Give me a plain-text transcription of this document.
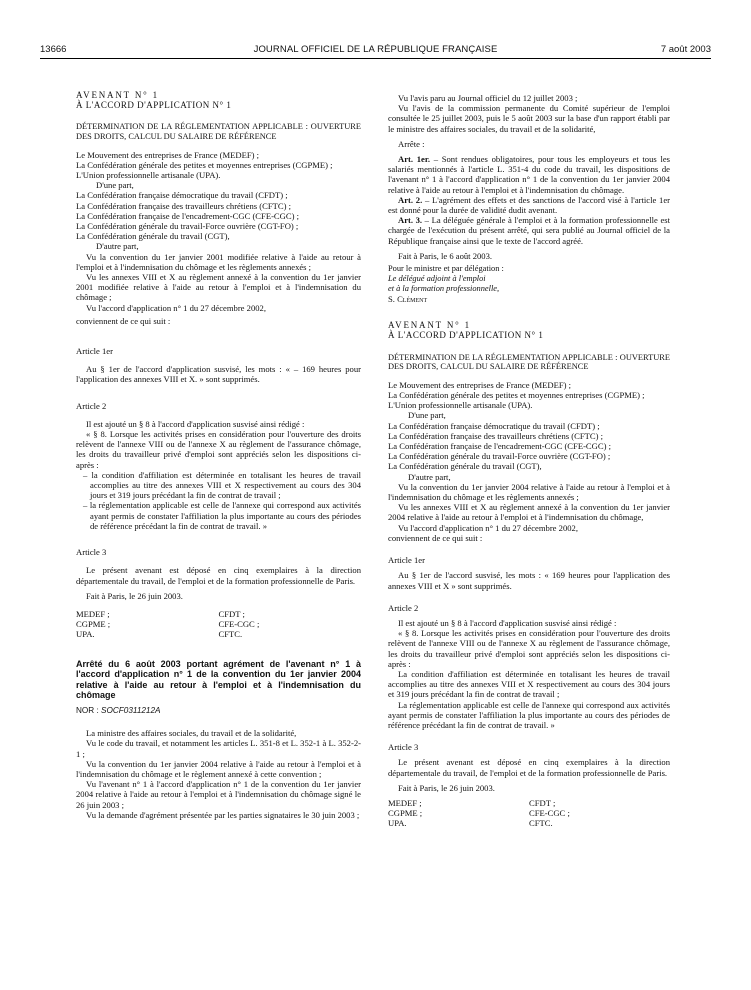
13666	JOURNAL OFFICIEL DE LA RÉPUBLIQUE FRANÇAISE	7 août 2003

AVENANT N° 1

À L'ACCORD D'APPLICATION N° 1

DÉTERMINATION DE LA RÉGLEMENTATION APPLICABLE : OUVERTURE DES DROITS, CALCUL DU SALAIRE DE RÉFÉRENCE

Le Mouvement des entreprises de France (MEDEF) ;

La Confédération générale des petites et moyennes entreprises (CGPME) ;

L'Union professionnelle artisanale (UPA).

D'une part,

La Confédération française démocratique du travail (CFDT) ;

La Confédération française des travailleurs chrétiens (CFTC) ;

La Confédération française de l'encadrement-CGC (CFE-CGC) ;

La Confédération générale du travail-Force ouvrière (CGT-FO) ;

La Confédération générale du travail (CGT),

D'autre part,

Vu la convention du 1er janvier 2001 modifiée relative à l'aide au retour à l'emploi et à l'indemnisation du chômage et les règlements annexés ;

Vu les annexes VIII et X au règlement annexé à la convention du 1er janvier 2001 modifiée relative à l'aide au retour à l'emploi et à l'indemnisation du chômage ;

Vu l'accord d'application n° 1 du 27 décembre 2002,

conviennent de ce qui suit :

Article 1er

Au § 1er de l'accord d'application susvisé, les mots : « – 169 heures pour l'application des annexes VIII et X. » sont supprimés.

Article 2

Il est ajouté un § 8 à l'accord d'application susvisé ainsi rédigé :

« § 8. Lorsque les activités prises en considération pour l'ouverture des droits relèvent de l'annexe VIII ou de l'annexe X au règlement de l'assurance chômage, les droits du travailleur privé d'emploi sont appréciés selon les dispositions ci-après :

– la condition d'affiliation est déterminée en totalisant les heures de travail accomplies au titre des annexes VIII et X respectivement au cours des 304 jours et 319 jours précédant la fin de contrat de travail ;

– la réglementation applicable est celle de l'annexe qui correspond aux activités ayant permis de constater l'affiliation la plus importante au cours des périodes de référence précédant la fin de contrat de travail. »

Article 3

Le présent avenant est déposé en cinq exemplaires à la direction départementale du travail, de l'emploi et de la formation professionnelle de Paris.

Fait à Paris, le 26 juin 2003.

MEDEF ;	CFDT ;
CGPME ;	CFE-CGC ;
UPA.	CFTC.

Arrêté du 6 août 2003 portant agrément de l'avenant n° 1 à l'accord d'application n° 1 de la convention du 1er janvier 2004 relative à l'aide au retour à l'emploi et à l'indemnisation du chômage

NOR : SOCF0311212A

La ministre des affaires sociales, du travail et de la solidarité,

Vu le code du travail, et notamment les articles L. 351-8 et L. 352-1 à L. 352-2-1 ;

Vu la convention du 1er janvier 2004 relative à l'aide au retour à l'emploi et à l'indemnisation du chômage et le règlement annexé à cette convention ;

Vu l'avenant n° 1 à l'accord d'application n° 1 de la convention du 1er janvier 2004 relative à l'aide au retour à l'emploi et à l'indemnisation du chômage signé le 26 juin 2003 ;

Vu la demande d'agrément présentée par les parties signataires le 30 juin 2003 ;

Vu l'avis paru au Journal officiel du 12 juillet 2003 ;

Vu l'avis de la commission permanente du Comité supérieur de l'emploi consultée le 25 juillet 2003, puis le 5 août 2003 sur la base d'un rapport établi par le ministre des affaires sociales, du travail et de la solidarité,

Arrête :

Art. 1er. – Sont rendues obligatoires, pour tous les employeurs et tous les salariés mentionnés à l'article L. 351-4 du code du travail, les dispositions de l'avenant n° 1 à l'accord d'application n° 1 de la convention du 1er janvier 2004 relative à l'aide au retour à l'emploi et à l'indemnisation du chômage.

Art. 2. – L'agrément des effets et des sanctions de l'accord visé à l'article 1er est donné pour la durée de validité dudit avenant.

Art. 3. – La déléguée générale à l'emploi et à la formation professionnelle est chargée de l'exécution du présent arrêté, qui sera publié au Journal officiel de la République française ainsi que le texte de l'accord agréé.

Fait à Paris, le 6 août 2003.

Pour le ministre et par délégation :

Le délégué adjoint à l'emploi

et à la formation professionnelle,

S. Clément

AVENANT N° 1

À L'ACCORD D'APPLICATION N° 1

DÉTERMINATION DE LA RÉGLEMENTATION APPLICABLE : OUVERTURE DES DROITS, CALCUL DU SALAIRE DE RÉFÉRENCE

Le Mouvement des entreprises de France (MEDEF) ;

La Confédération générale des petites et moyennes entreprises (CGPME) ;

L'Union professionnelle artisanale (UPA).

D'une part,

La Confédération française démocratique du travail (CFDT) ;

La Confédération française des travailleurs chrétiens (CFTC) ;

La Confédération française de l'encadrement-CGC (CFE-CGC) ;

La Confédération générale du travail-Force ouvrière (CGT-FO) ;

La Confédération générale du travail (CGT),

D'autre part,

Vu la convention du 1er janvier 2004 relative à l'aide au retour à l'emploi et à l'indemnisation du chômage et les règlements annexés ;

Vu les annexes VIII et X au règlement annexé à la convention du 1er janvier 2004 relative à l'aide au retour à l'emploi et à l'indemnisation du chômage,

Vu l'accord d'application n° 1 du 27 décembre 2002,

conviennent de ce qui suit :

Article 1er

Au § 1er de l'accord susvisé, les mots : « 169 heures pour l'application des annexes VIII et X » sont supprimés.

Article 2

Il est ajouté un § 8 à l'accord d'application susvisé ainsi rédigé :

« § 8. Lorsque les activités prises en considération pour l'ouverture des droits relèvent de l'annexe VIII ou de l'annexe X au règlement de l'assurance chômage, les droits du travailleur privé d'emploi sont appréciés selon les dispositions ci-après :

La condition d'affiliation est déterminée en totalisant les heures de travail accomplies au titre des annexes VIII et X respectivement au cours des 304 jours et 319 jours précédant la fin de contrat de travail ;

La réglementation applicable est celle de l'annexe qui correspond aux activités ayant permis de constater l'affiliation la plus importante au cours des périodes de référence précédant la fin de contrat de travail. »

Article 3

Le présent avenant est déposé en cinq exemplaires à la direction départementale du travail, de l'emploi et de la formation professionnelle de Paris.

Fait à Paris, le 26 juin 2003.

MEDEF ;	CFDT ;
CGPME ;	CFE-CGC ;
UPA.	CFTC.
